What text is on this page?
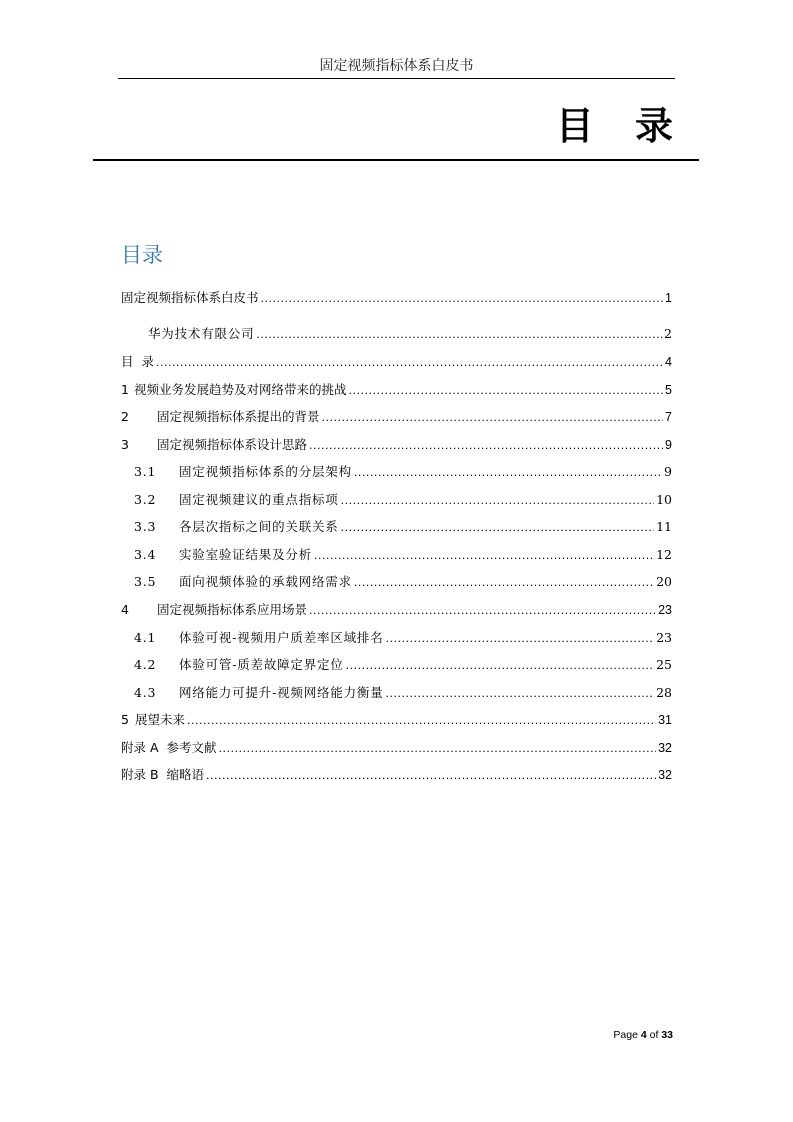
固定视频指标体系白皮书
目 录
目录
固定视频指标体系白皮书 .....	1
华为技术有限公司 .....	2
目  录 .....	4
1 视频业务发展趋势及对网络带来的挑战 .....	5
2	固定视频指标体系提出的背景 .....	7
3	固定视频指标体系设计思路 .....	9
3.1	固定视频指标体系的分层架构 .....	9
3.2	固定视频建议的重点指标项 .....	10
3.3	各层次指标之间的关联关系 .....	11
3.4	实验室验证结果及分析 .....	12
3.5	面向视频体验的承载网络需求 .....	20
4	固定视频指标体系应用场景 .....	23
4.1	体验可视-视频用户质差率区域排名 .....	23
4.2	体验可管-质差故障定界定位 .....	25
4.3	网络能力可提升-视频网络能力衡量 .....	28
5 展望未来 .....	31
附录 A  参考文献 .....	32
附录 B  缩略语 .....	32
Page 4 of 33
